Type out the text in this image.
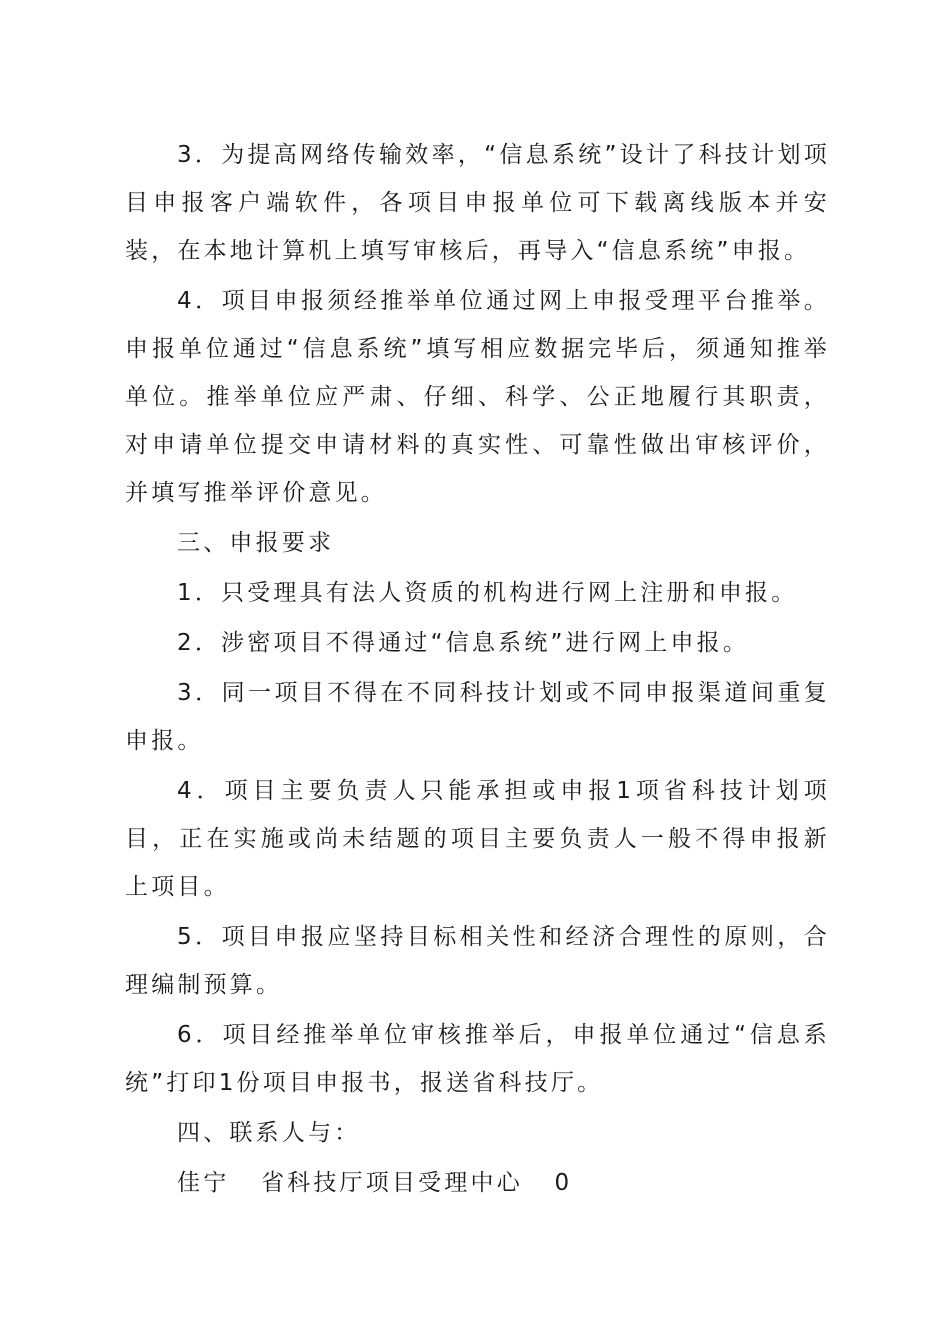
3．为提高网络传输效率，“信息系统”设计了科技计划项目申报客户端软件，各项目申报单位可下载离线版本并安装，在本地计算机上填写审核后，再导入“信息系统”申报。

4．项目申报须经推举单位通过网上申报受理平台推举。申报单位通过“信息系统”填写相应数据完毕后，须通知推举单位。推举单位应严肃、仔细、科学、公正地履行其职责，对申请单位提交申请材料的真实性、可靠性做出审核评价，并填写推举评价意见。

三、申报要求

1．只受理具有法人资质的机构进行网上注册和申报。

2．涉密项目不得通过“信息系统”进行网上申报。

3．同一项目不得在不同科技计划或不同申报渠道间重复申报。

4．项目主要负责人只能承担或申报1项省科技计划项目，正在实施或尚未结题的项目主要负责人一般不得申报新上项目。

5．项目申报应坚持目标相关性和经济合理性的原则，合理编制预算。

6．项目经推举单位审核推举后，申报单位通过“信息系统”打印1份项目申报书，报送省科技厅。

四、联系人与：

佳宁 省科技厅项目受理中心 0
